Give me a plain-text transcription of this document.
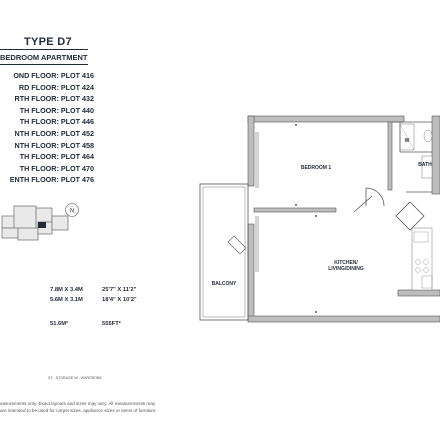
TYPE D7
BEDROOM APARTMENT
OND FLOOR: PLOT 416
RD FLOOR: PLOT 424
RTH FLOOR: PLOT 432
TH FLOOR: PLOT 440
TH FLOOR: PLOT 446
NTH FLOOR: PLOT 452
NTH FLOOR: PLOT 458
TH FLOOR: PLOT 464
TH FLOOR: PLOT 470
ENTH FLOOR: PLOT 476
N
7.8M X 3.4M	25'7" X 11'2"
5.6M X 3.1M	18'4" X 10'2"
51.6M²	555FT²
ST - STORAGE W - WARDROBE
easurements only. Exact layouts and sizes may vary. All measurements may
are intended to be used for carpet sizes, appliance sizes or items of furniture.
BEDROOM 1
KITCHEN/
LIVING/DINING
BALCONY
BATH
W
